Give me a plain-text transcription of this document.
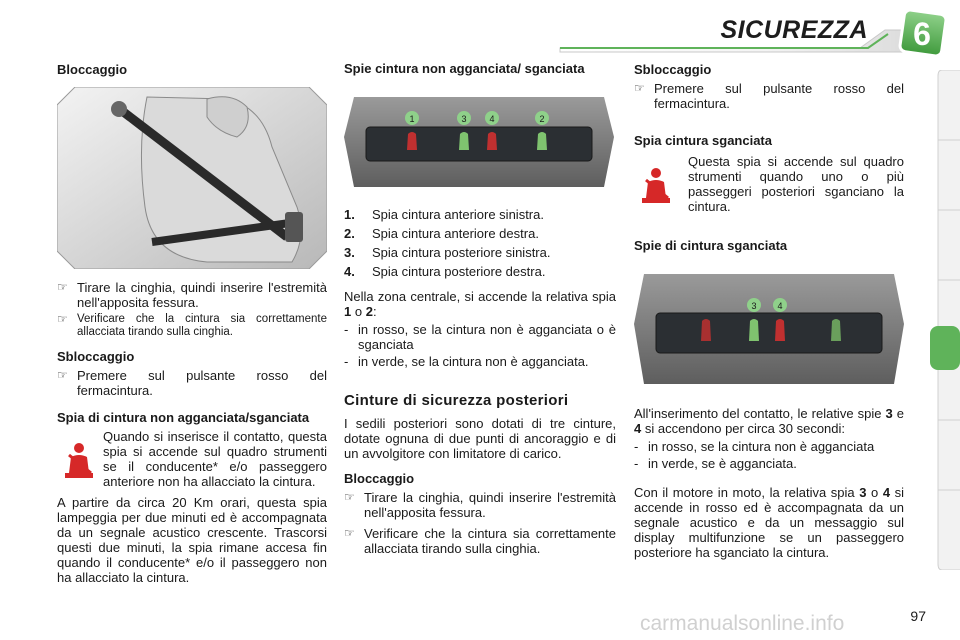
SICUREZZA	6
Bloccaggio
☞ Tirare la cinghia, quindi inserire l'estremità nell'apposita fessura.
☞ Verificare che la cintura sia correttamente allacciata tirando sulla cinghia.
Sbloccaggio
☞ Premere sul pulsante rosso del fermacintura.
Spia di cintura non agganciata/sganciata
Quando si inserisce il contatto, questa spia si accende sul quadro strumenti se il conducente* e/o passeggero anteriore non ha allacciato la cintura.

A partire da circa 20 Km orari, questa spia lampeggia per due minuti ed è accompagnata da un segnale acustico crescente. Trascorsi questi due minuti, la spia rimane accesa fin quando il conducente* e/o il passeggero non ha allacciato la cintura.

Spie cintura non agganciata/ sganciata
1	3	4	2
1.	Spia cintura anteriore sinistra.
2.	Spia cintura anteriore destra.
3.	Spia cintura posteriore sinistra.
4.	Spia cintura posteriore destra.

Nella zona centrale, si accende la relativa spia 1 o 2:

- in rosso, se la cintura non è agganciata o è sganciata
- in verde, se la cintura non è agganciata.
Cinture di sicurezza posteriori

I sedili posteriori sono dotati di tre cinture, dotate ognuna di due punti di ancoraggio e di un avvolgitore con limitatore di carico.

Bloccaggio
☞ Tirare la cinghia, quindi inserire l'estremità nell'apposita fessura.
☞ Verificare che la cintura sia correttamente allacciata tirando sulla cinghia.
Sbloccaggio
☞ Premere sul pulsante rosso del fermacintura.
Spia cintura sganciata
Questa spia si accende sul quadro strumenti quando uno o più passeggeri posteriori sganciano la cintura.
Spie di cintura sganciata
3 4

All'inserimento del contatto, le relative spie 3 e 4 si accendono per circa 30 secondi:

- in rosso, se la cintura non è agganciata
- in verde, se è agganciata.

Con il motore in moto, la relativa spia 3 o 4 si accende in rosso ed è accompagnata da un segnale acustico e da un messaggio sul display multifunzione se un passeggero posteriore ha sganciato la cintura.

carmanualsonline.info	97
